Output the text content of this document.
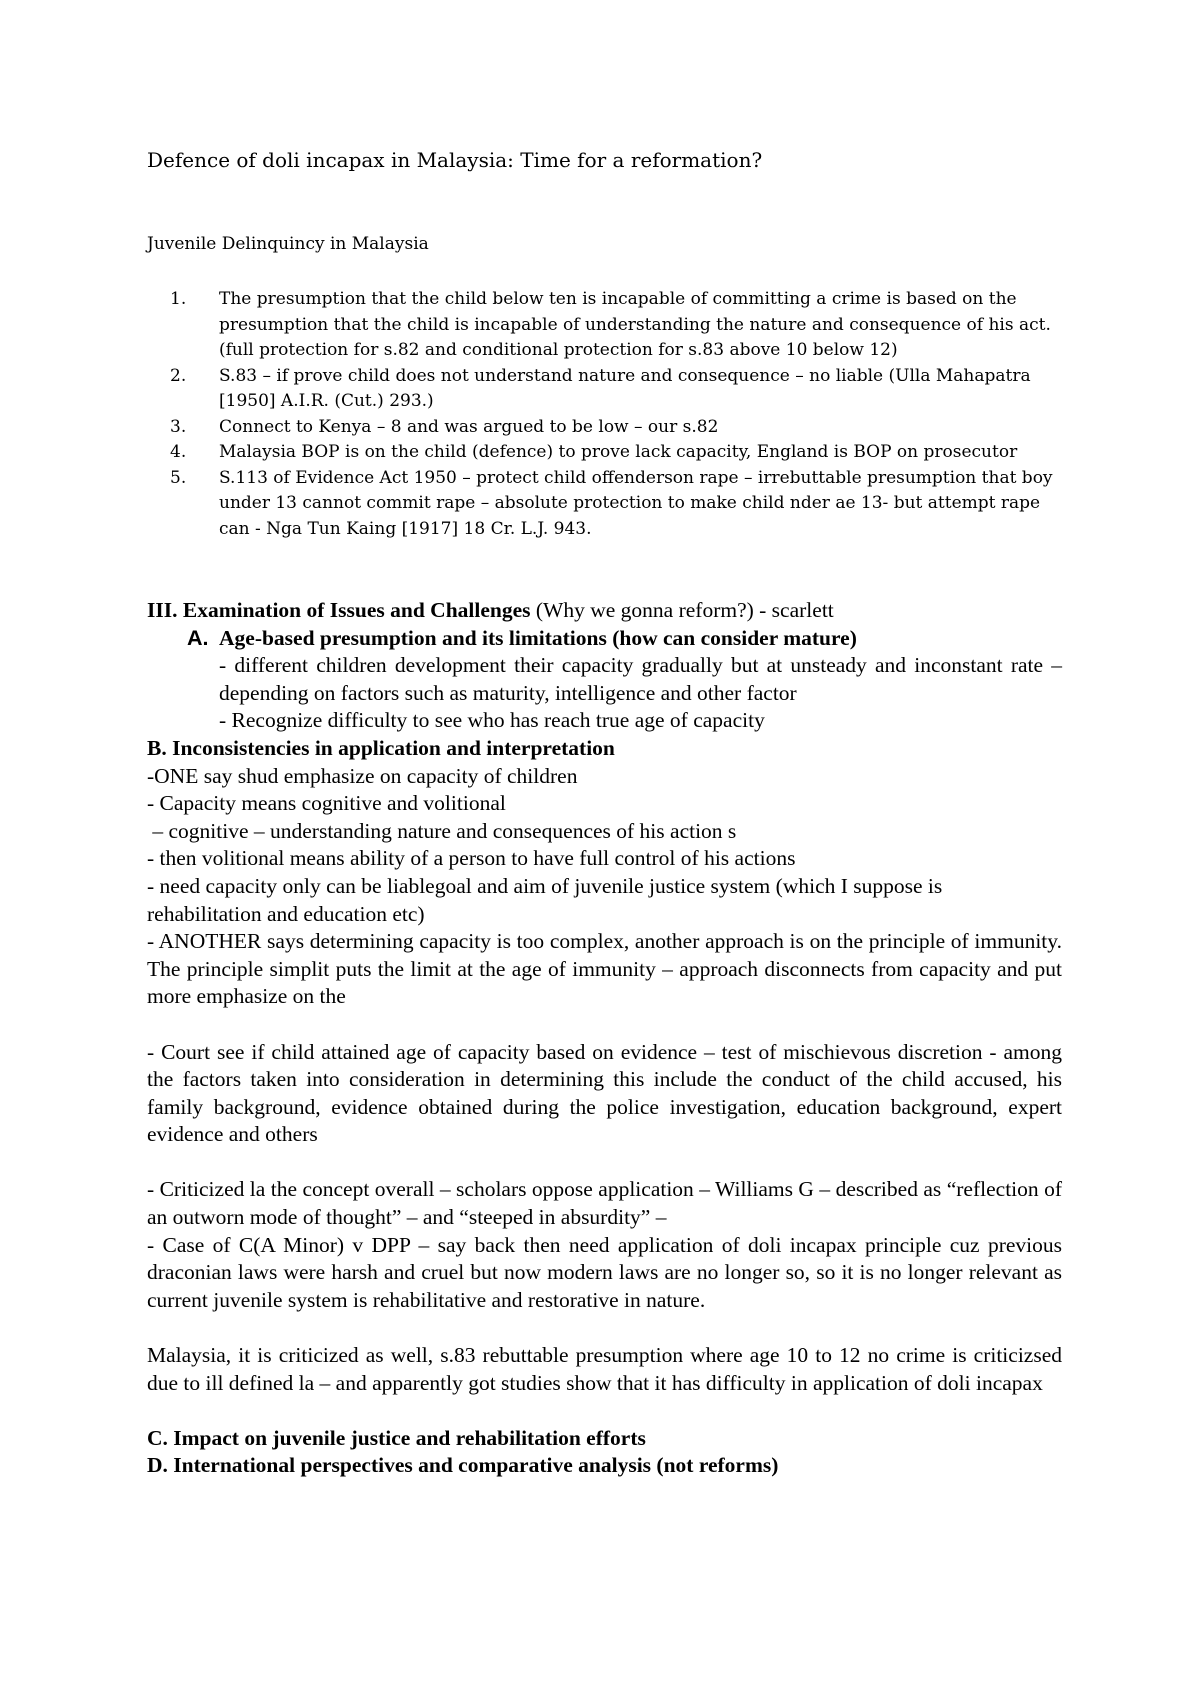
Defence of doli incapax in Malaysia: Time for a reformation?
Juvenile Delinquincy in Malaysia
1.	The presumption that the child below ten is incapable of committing a crime is based on the presumption that the child is incapable of understanding the nature and consequence of his act. (full protection for s.82 and conditional protection for s.83 above 10 below 12)
2.	S.83 – if prove child does not understand nature and consequence – no liable (Ulla Mahapatra [1950] A.I.R. (Cut.) 293.)
3.	Connect to Kenya – 8 and was argued to be low – our s.82
4.	Malaysia BOP is on the child (defence) to prove lack capacity, England is BOP on prosecutor
5.	S.113 of Evidence Act 1950 – protect child offenderson rape – irrebuttable presumption that boy under 13 cannot commit rape – absolute protection to make child nder ae 13- but attempt rape can - Nga Tun Kaing [1917] 18 Cr. L.J. 943.

III. Examination of Issues and Challenges (Why we gonna reform?) - scarlett

A. Age-based presumption and its limitations (how can consider mature)

- different children development their capacity gradually but at unsteady and inconstant rate – depending on factors such as maturity, intelligence and other factor

- Recognize difficulty to see who has reach true age of capacity

B. Inconsistencies in application and interpretation

-ONE say shud emphasize on capacity of children

- Capacity means cognitive and volitional

– cognitive – understanding nature and consequences of his action s

- then volitional means ability of a person to have full control of his actions

- need capacity only can be liablegoal and aim of juvenile justice system (which I suppose is rehabilitation and education etc)

- ANOTHER says determining capacity is too complex, another approach is on the principle of immunity. The principle simplit puts the limit at the age of immunity – approach disconnects from capacity and put more emphasize on the

- Court see if child attained age of capacity based on evidence – test of mischievous discretion - among the factors taken into consideration in determining this include the conduct of the child accused, his family background, evidence obtained during the police investigation, education background, expert evidence and others

- Criticized la the concept overall – scholars oppose application – Williams G – described as “reflection of an outworn mode of thought” – and “steeped in absurdity” –

- Case of C(A Minor) v DPP – say back then need application of doli incapax principle cuz previous draconian laws were harsh and cruel but now modern laws are no longer so, so it is no longer relevant as current juvenile system is rehabilitative and restorative in nature.

Malaysia, it is criticized as well, s.83 rebuttable presumption where age 10 to 12 no crime is criticizsed due to ill defined la – and apparently got studies show that it has difficulty in application of doli incapax

C. Impact on juvenile justice and rehabilitation efforts

D. International perspectives and comparative analysis (not reforms)
